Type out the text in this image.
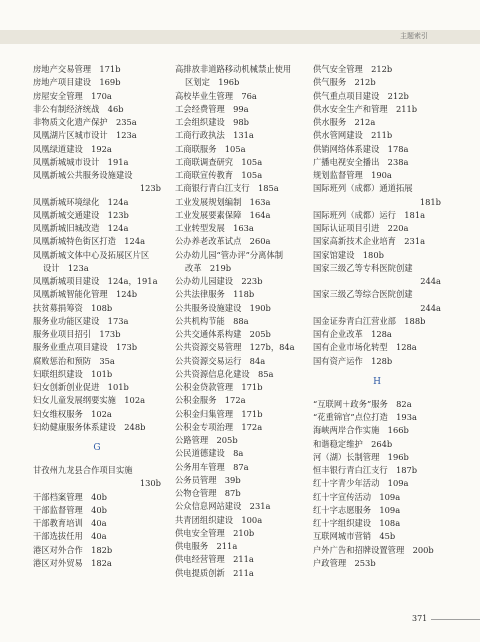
主题索引
房地产交易管理　171b
房地产项目建设　169b
房屋安全管理　170a
非公有制经济统战　46b
非物质文化遗产保护　235a
凤凰湖片区城市设计　123a
凤凰绿道建设　192a
凤凰新城城市设计　191a
凤凰新城公共服务设施建设
123b
凤凰新城环境绿化　124a
凤凰新城交通建设　123b
凤凰新城旧城改造　124a
凤凰新城特色街区打造　124a
凤凰新城文体中心及拓展区片区
设计　123a
凤凰新城项目建设　124a，191a
凤凰新城智能化管理　124b
扶贫募捐筹资　108b
服务业功能区建设　173a
服务业项目招引　173b
服务业重点项目建设　173b
腐败惩治和预防　35a
妇联组织建设　101b
妇女创新创业促进　101b
妇女儿童发展纲要实施　102a
妇女维权服务　102a
妇幼健康服务体系建设　248b
G
甘孜州九龙县合作项目实施
130b
干部档案管理　40b
干部监督管理　40b
干部教育培训　40a
干部选拔任用　40a
港区对外合作　182b
港区对外贸易　182a
高排放非道路移动机械禁止使用
区划定　196b
高校毕业生管理　76a
工会经费管理　99a
工会组织建设　98b
工商行政执法　131a
工商联服务　105a
工商联调查研究　105a
工商联宣传教育　105a
工商银行青白江支行　185a
工业发展规划编制　163a
工业发展要素保障　164a
工业转型发展　163a
公办养老改革试点　260a
公办幼儿园“管办评”分离体制
改革　219b
公办幼儿园建设　223b
公共法律服务　118b
公共服务设施建设　190b
公共机构节能　88a
公共交通体系构建　205b
公共资源交易管理　127b，84a
公共资源交易运行　84a
公共资源信息化建设　85a
公积金贷款管理　171b
公积金服务　172a
公积金归集管理　171b
公积金专项治理　172a
公路管理　205b
公民道德建设　8a
公务用车管理　87a
公务员管理　39b
公物仓管理　87b
公众信息网站建设　231a
共青团组织建设　100a
供电安全管理　210b
供电服务　211a
供电经营管理　211a
供电提质创新　211a
供气安全管理　212b
供气服务　212b
供气重点项目建设　212b
供水安全生产和管理　211b
供水服务　212a
供水管网建设　211b
供销网络体系建设　178a
广播电视安全播出　238a
规划监督管理　190a
国际班列（成都）通道拓展
181b
国际班列（成都）运行　181a
国际认证项目引进　220a
国家高新技术企业培育　231a
国家馆建设　180b
国家三级乙等专科医院创建
244a
国家三级乙等综合医院创建
244a
国金证券青白江营业部　188b
国有企业改革　128a
国有企业市场化转型　128a
国有资产运作　128b
H
“互联网＋政务”服务　82a
“花重锦官”点位打造　193a
海峡两岸合作实施　166b
和谐稳定维护　264b
河（湖）长制管理　196b
恒丰银行青白江支行　187b
红十字青少年活动　109a
红十字宣传活动　109a
红十字志愿服务　109a
红十字组织建设　108a
互联网城市营销　45b
户外广告和招牌设置管理　200b
户政管理　253b
371
